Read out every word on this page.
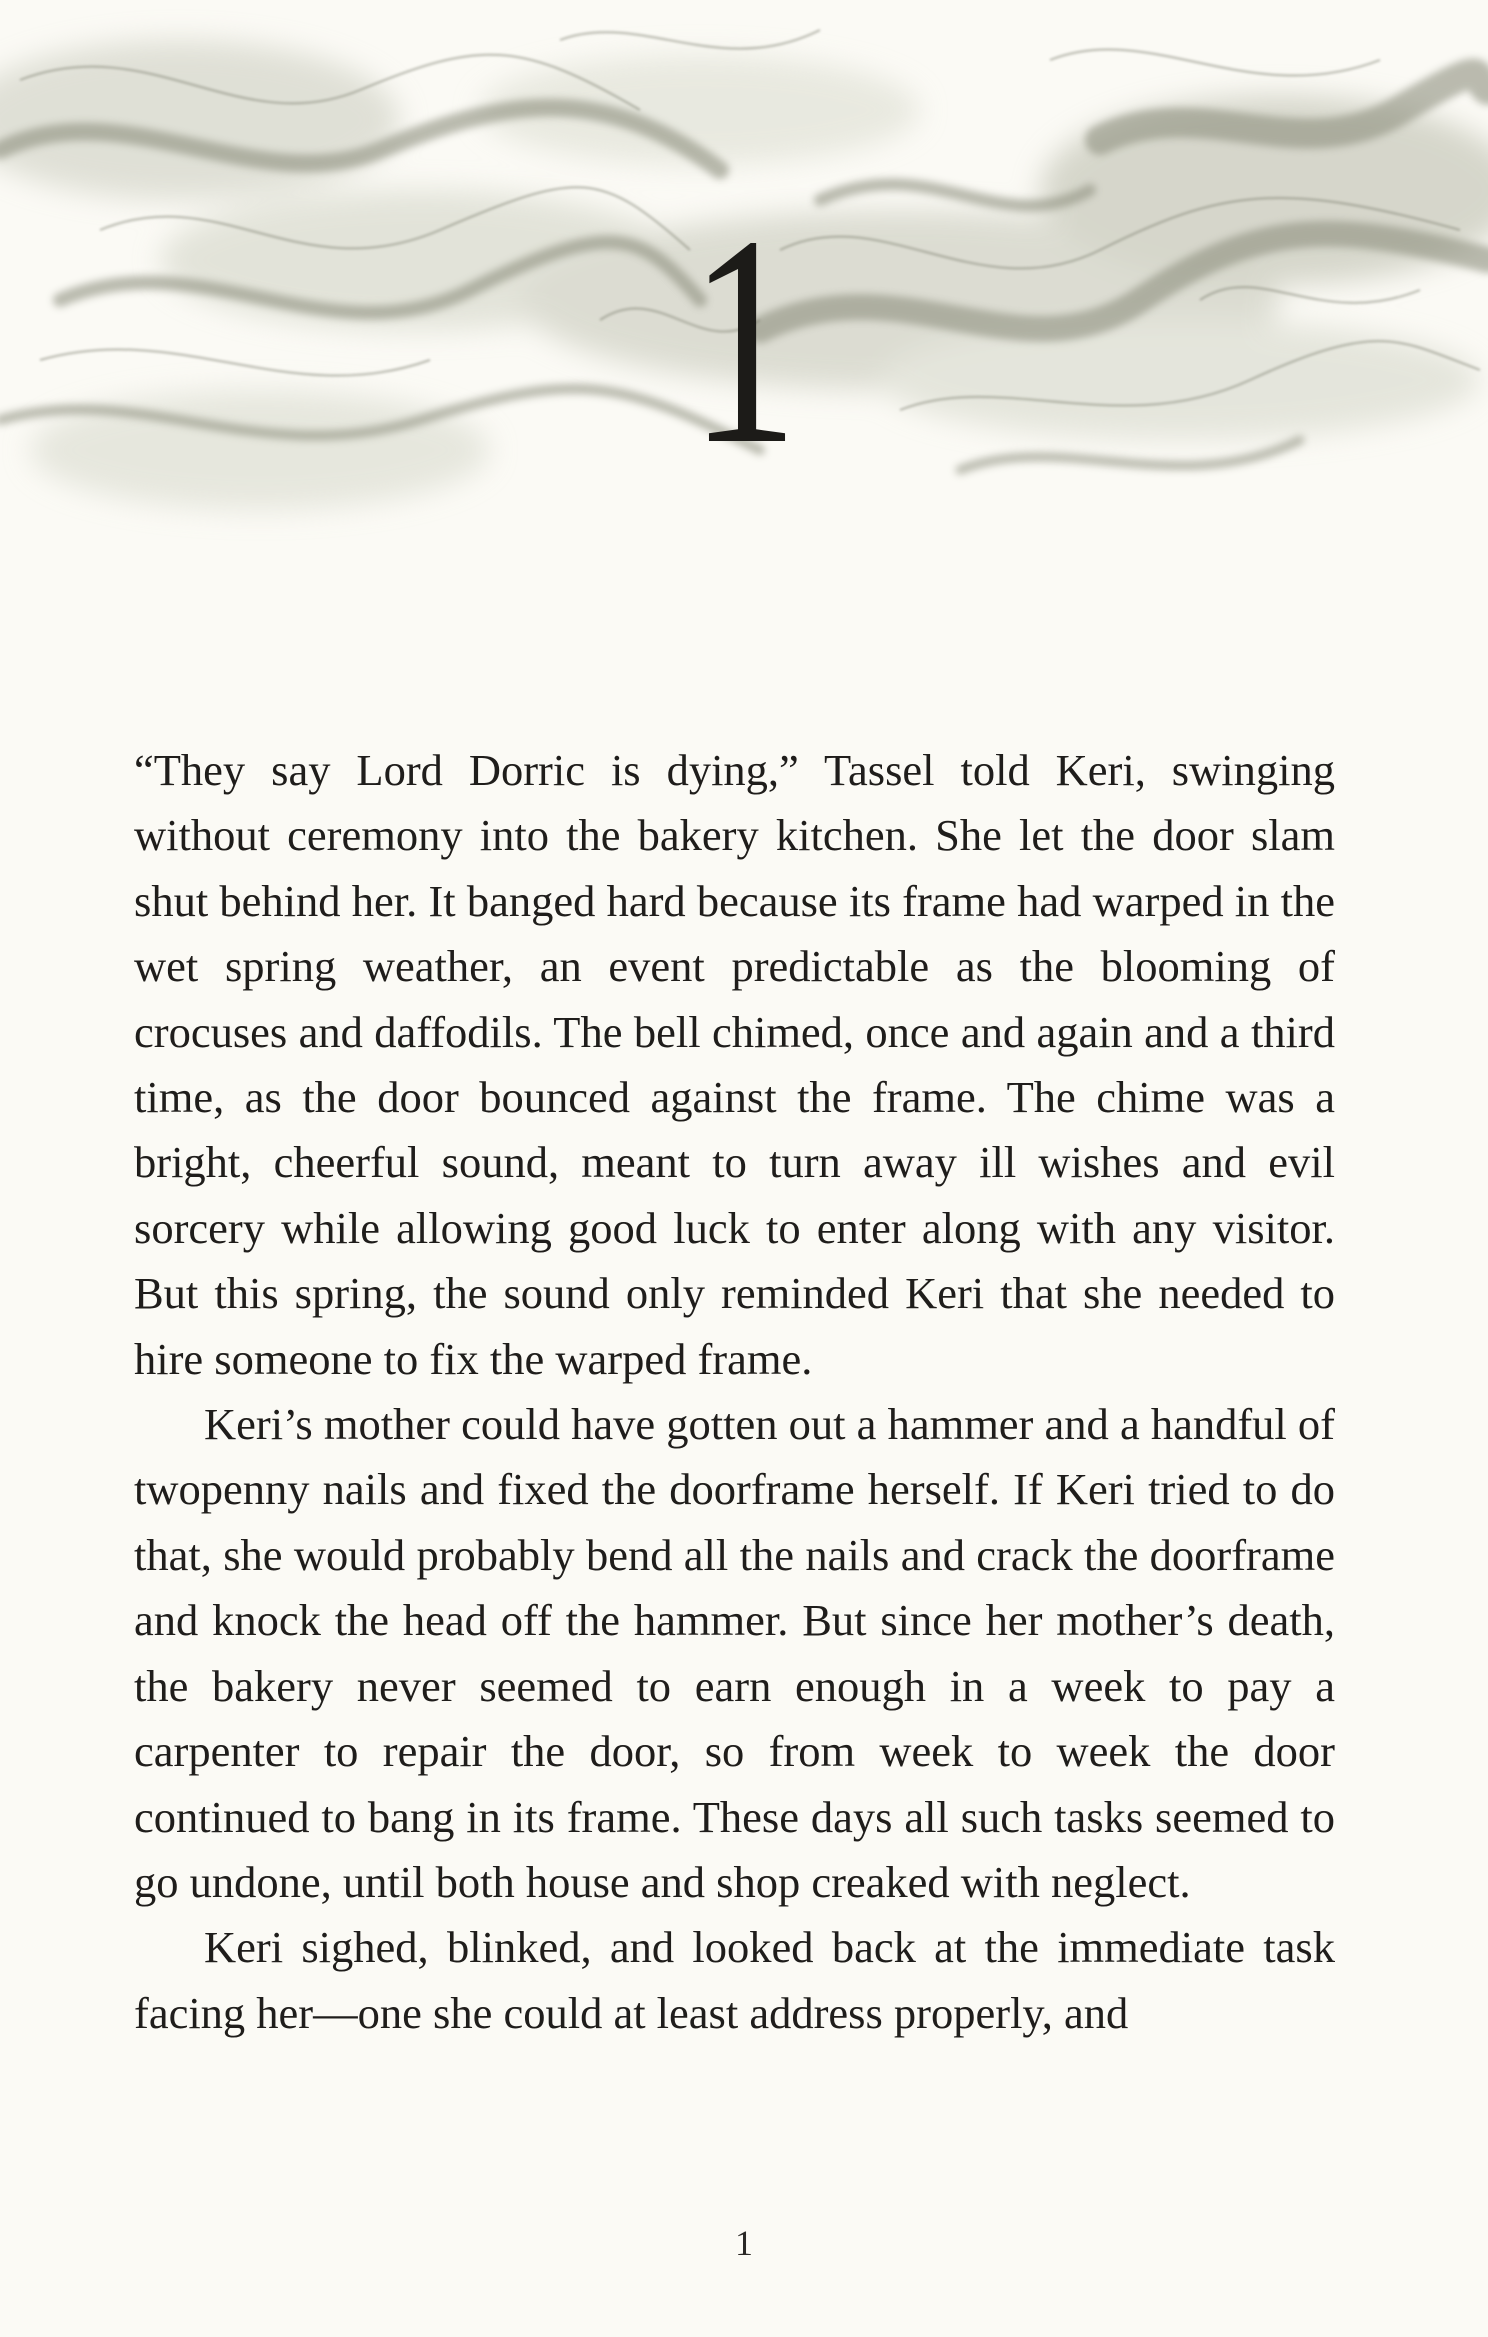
1

“They say Lord Dorric is dying,” Tassel told Keri, swinging without ceremony into the bakery kitchen. She let the door slam shut behind her. It banged hard because its frame had warped in the wet spring weather, an event predictable as the blooming of crocuses and daffodils. The bell chimed, once and again and a third time, as the door bounced against the frame. The chime was a bright, cheerful sound, meant to turn away ill wishes and evil sorcery while allowing good luck to enter along with any visitor. But this spring, the sound only reminded Keri that she needed to hire someone to fix the warped frame.

Keri’s mother could have gotten out a hammer and a handful of twopenny nails and fixed the doorframe herself. If Keri tried to do that, she would probably bend all the nails and crack the doorframe and knock the head off the hammer. But since her mother’s death, the bakery never seemed to earn enough in a week to pay a carpenter to repair the door, so from week to week the door continued to bang in its frame. These days all such tasks seemed to go undone, until both house and shop creaked with neglect.

Keri sighed, blinked, and looked back at the immediate task facing her—one she could at least address properly, and

1
